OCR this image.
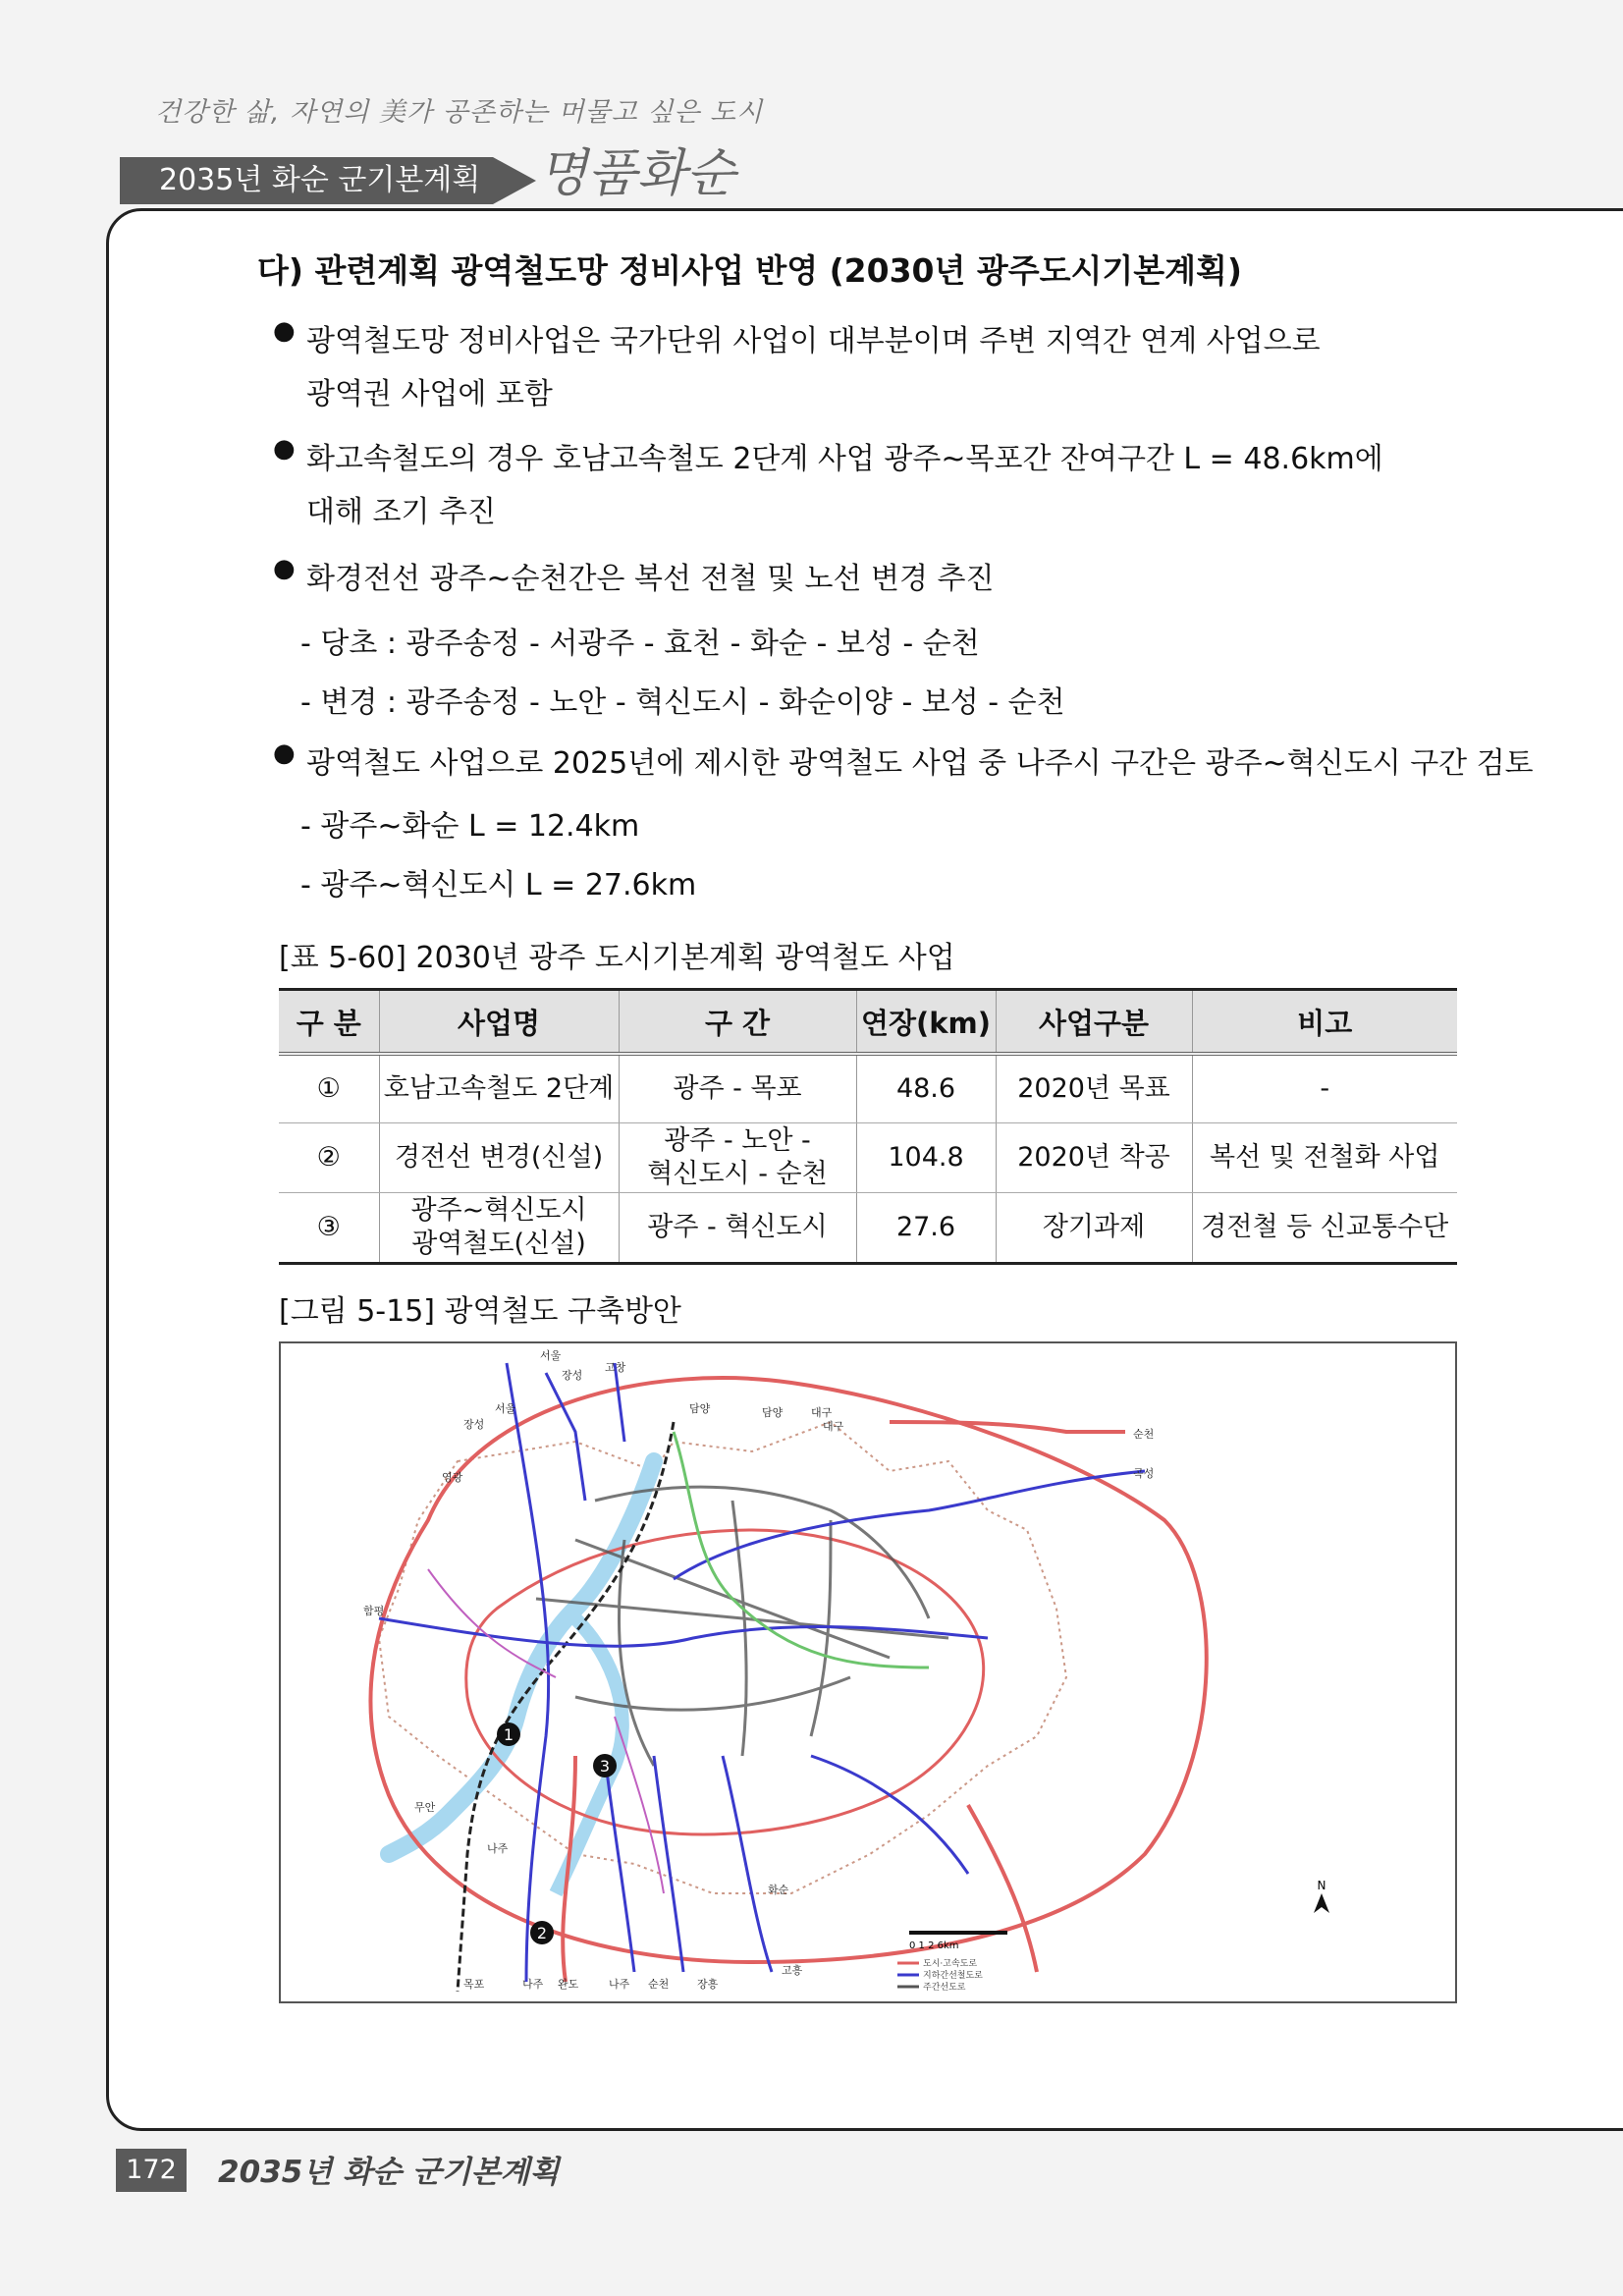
건강한 삶, 자연의 美가 공존하는 머물고 싶은 도시
2035년 화순 군기본계획 명품화순
다) 관련계획 광역철도망 정비사업 반영 (2030년 광주도시기본계획)
● 광역철도망 정비사업은 국가단위 사업이 대부분이며 주변 지역간 연계 사업으로
광역권 사업에 포함
● 화고속철도의 경우 호남고속철도 2단계 사업 광주~목포간 잔여구간 L = 48.6km에
대해 조기 추진
● 화경전선 광주~순천간은 복선 전철 및 노선 변경 추진
- 당초 : 광주송정 - 서광주 - 효천 - 화순 - 보성 - 순천
- 변경 : 광주송정 - 노안 - 혁신도시 - 화순이양 - 보성 - 순천
● 광역철도 사업으로 2025년에 제시한 광역철도 사업 중 나주시 구간은 광주~혁신도시 구간 검토
- 광주~화순 L = 12.4km
- 광주~혁신도시 L = 27.6km
[표 5-60] 2030년 광주 도시기본계획 광역철도 사업
구 분	사업명	구 간	연장(km)	사업구분	비고
①	호남고속철도 2단계	광주 - 목포	48.6	2020년 목표	-
②	경전선 변경(신설)	광주 - 노안 -
혁신도시 - 순천	104.8	2020년 착공	복선 및 전철화 사업
③	광주~혁신도시
광역철도(신설)	광주 - 혁신도시	27.6	장기과제	경전철 등 신교통수단
[그림 5-15] 광역철도 구축방안
1
2
3
서울
장성
서울
장성
고창
담양	담양	대구
대구
순천
곡성
영광
함평
무안
나주
화순
목포	나주 완도	나주 순천	장흥
고흥
N
0 1 2 6km
도시·고속도로
지하간선철도로
주간선도로
172	2035년 화순 군기본계획
